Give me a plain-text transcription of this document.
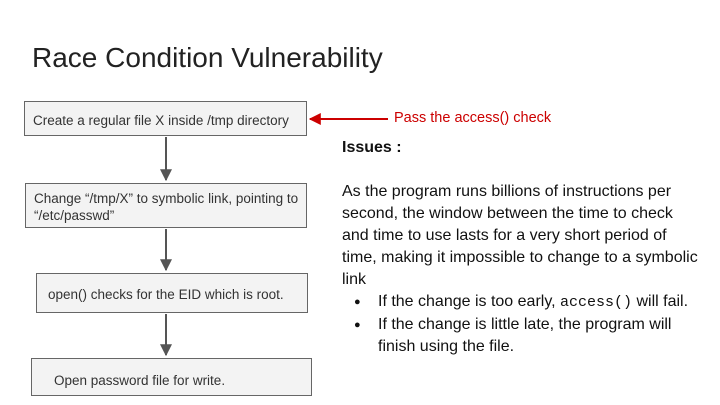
Race Condition Vulnerability
Create a regular file X inside /tmp directory
Change “/tmp/X” to symbolic link, pointing to “/etc/passwd”
open() checks for the EID which is root.
Open password file for write.
Pass the access() check
Issues :

As the program runs billions of instructions per second, the window between the time to check and time to use lasts for a very short period of time, making it impossible to change to a symbolic link

● If the change is too early, access() will fail.
● If the change is little late, the program will finish using the file.
